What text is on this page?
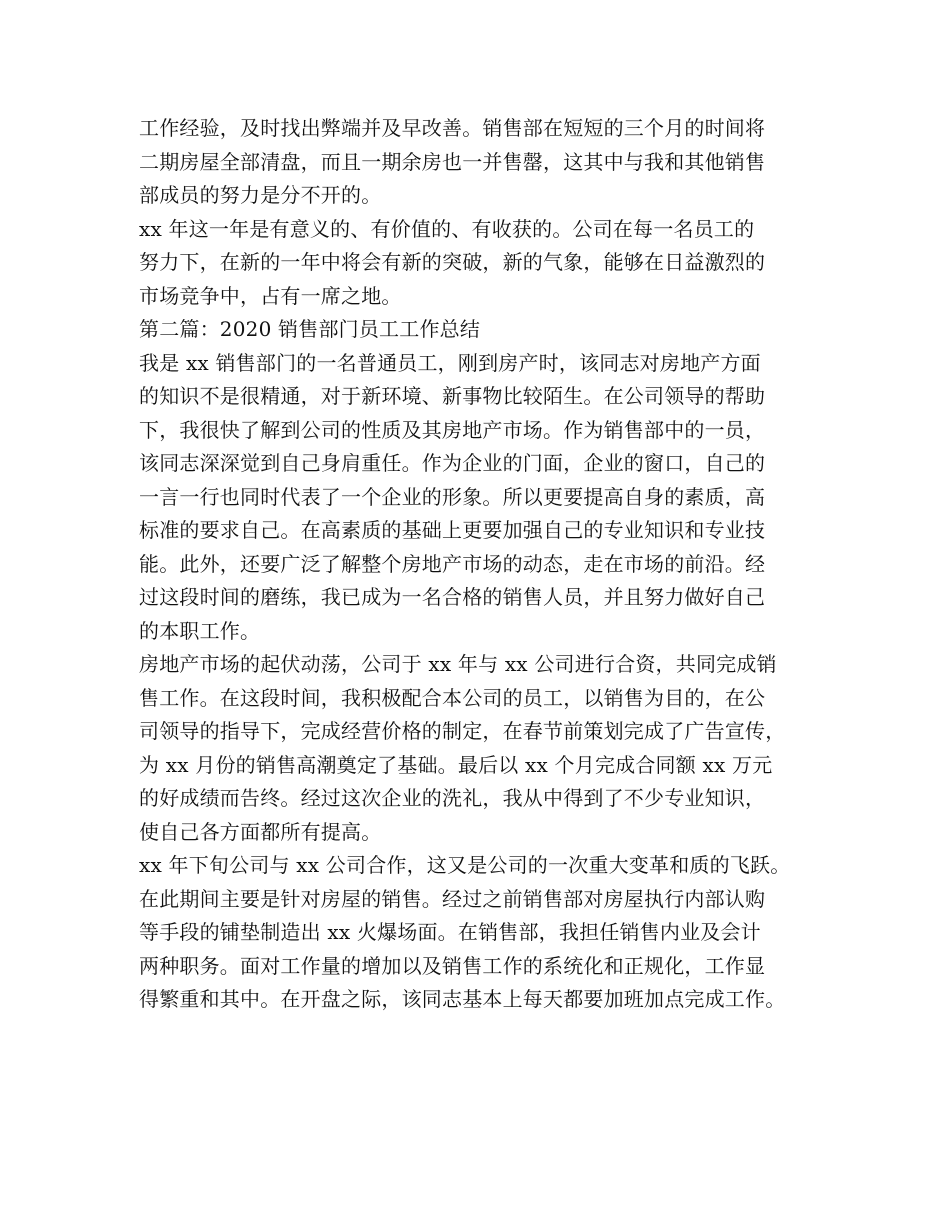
工作经验，及时找出弊端并及早改善。销售部在短短的三个月的时间将
二期房屋全部清盘，而且一期余房也一并售罄，这其中与我和其他销售
部成员的努力是分不开的。
xx 年这一年是有意义的、有价值的、有收获的。公司在每一名员工的
努力下，在新的一年中将会有新的突破，新的气象，能够在日益激烈的
市场竞争中，占有一席之地。
第二篇：2020 销售部门员工工作总结
我是 xx 销售部门的一名普通员工，刚到房产时，该同志对房地产方面
的知识不是很精通，对于新环境、新事物比较陌生。在公司领导的帮助
下，我很快了解到公司的性质及其房地产市场。作为销售部中的一员，
该同志深深觉到自己身肩重任。作为企业的门面，企业的窗口，自己的
一言一行也同时代表了一个企业的形象。所以更要提高自身的素质，高
标准的要求自己。在高素质的基础上更要加强自己的专业知识和专业技
能。此外，还要广泛了解整个房地产市场的动态，走在市场的前沿。经
过这段时间的磨练，我已成为一名合格的销售人员，并且努力做好自己
的本职工作。
房地产市场的起伏动荡，公司于 xx 年与 xx 公司进行合资，共同完成销
售工作。在这段时间，我积极配合本公司的员工，以销售为目的，在公
司领导的指导下，完成经营价格的制定，在春节前策划完成了广告宣传，
为 xx 月份的销售高潮奠定了基础。最后以 xx 个月完成合同额 xx 万元
的好成绩而告终。经过这次企业的洗礼，我从中得到了不少专业知识，
使自己各方面都所有提高。
xx 年下旬公司与 xx 公司合作，这又是公司的一次重大变革和质的飞跃。
在此期间主要是针对房屋的销售。经过之前销售部对房屋执行内部认购
等手段的铺垫制造出 xx 火爆场面。在销售部，我担任销售内业及会计
两种职务。面对工作量的增加以及销售工作的系统化和正规化，工作显
得繁重和其中。在开盘之际，该同志基本上每天都要加班加点完成工作。
